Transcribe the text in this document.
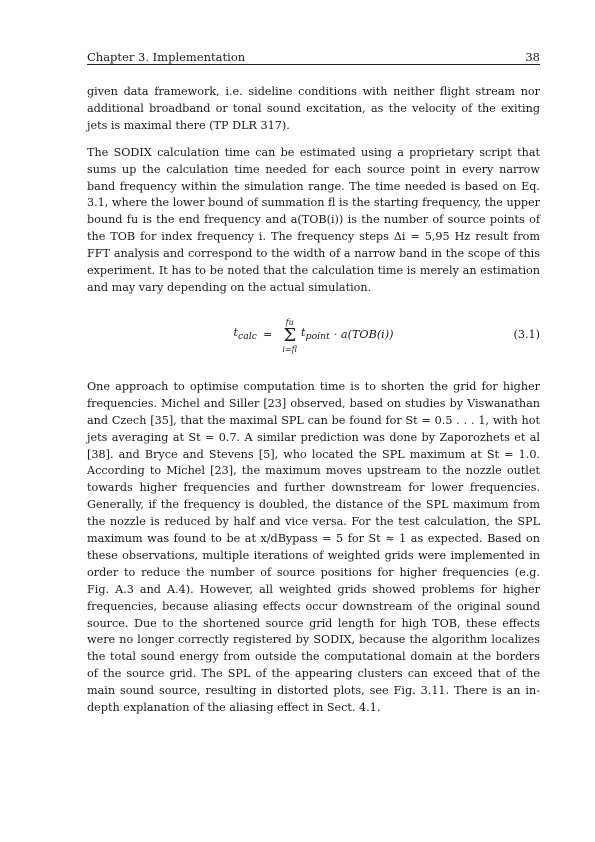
Chapter 3. Implementation	38

given data framework, i.e. sideline conditions with neither flight stream nor additional broadband or tonal sound excitation, as the velocity of the exiting jets is maximal there (TP DLR 317).

The SODIX calculation time can be estimated using a proprietary script that sums up the calculation time needed for each source point in every narrow band frequency within the simulation range. The time needed is based on Eq. 3.1, where the lower bound of summation fl is the starting frequency, the upper bound fu is the end frequency and a(TOB(i)) is the number of source points of the TOB for index frequency i. The frequency steps Δi = 5,95 Hz result from FFT analysis and correspond to the width of a narrow band in the scope of this experiment. It has to be noted that the calculation time is merely an estimation and may vary depending on the actual simulation.

$t_{calc}$ =
fu
Σ
i=fl
$t_{point} \cdot a(TOB(i))$	(3.1)

One approach to optimise computation time is to shorten the grid for higher frequencies. Michel and Siller [23] observed, based on studies by Viswanathan and Czech [35], that the maximal SPL can be found for St = 0.5 . . . 1, with hot jets averaging at St = 0.7. A similar prediction was done by Zaporozhets et al [38]. and Bryce and Stevens [5], who located the SPL maximum at St = 1.0. According to Michel [23], the maximum moves upstream to the nozzle outlet towards higher frequencies and further downstream for lower frequencies. Generally, if the frequency is doubled, the distance of the SPL maximum from the nozzle is reduced by half and vice versa. For the test calculation, the SPL maximum was found to be at x/dBypass = 5 for St ≈ 1 as expected. Based on these observations, multiple iterations of weighted grids were implemented in order to reduce the number of source positions for higher frequencies (e.g. Fig. A.3 and A.4). However, all weighted grids showed problems for higher frequencies, because aliasing effects occur downstream of the original sound source. Due to the shortened source grid length for high TOB, these effects were no longer correctly registered by SODIX, because the algorithm localizes the total sound energy from outside the computational domain at the borders of the source grid. The SPL of the appearing clusters can exceed that of the main sound source, resulting in distorted plots, see Fig. 3.11. There is an in-depth explanation of the aliasing effect in Sect. 4.1.
